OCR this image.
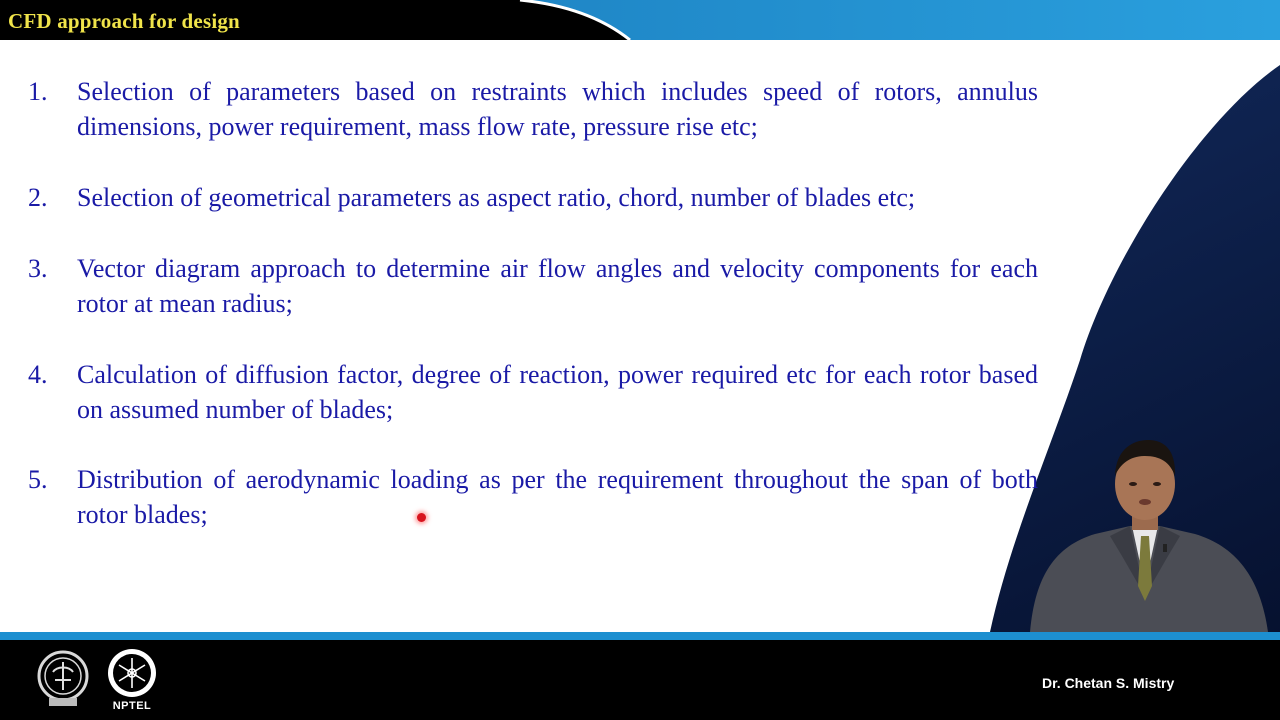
CFD approach for design
1.	Selection of parameters based on restraints which includes speed of rotors, annulus dimensions, power requirement, mass flow rate, pressure rise etc;
2.	Selection of geometrical parameters as aspect ratio, chord, number of blades etc;
3.	Vector diagram approach to determine air flow angles and velocity components for each rotor at mean radius;
4.	Calculation of diffusion factor, degree of reaction, power required etc for each rotor based on assumed number of blades;
5.	Distribution of aerodynamic loading as per the requirement throughout the span of both rotor blades;
NPTEL
Dr. Chetan S. Mistry
